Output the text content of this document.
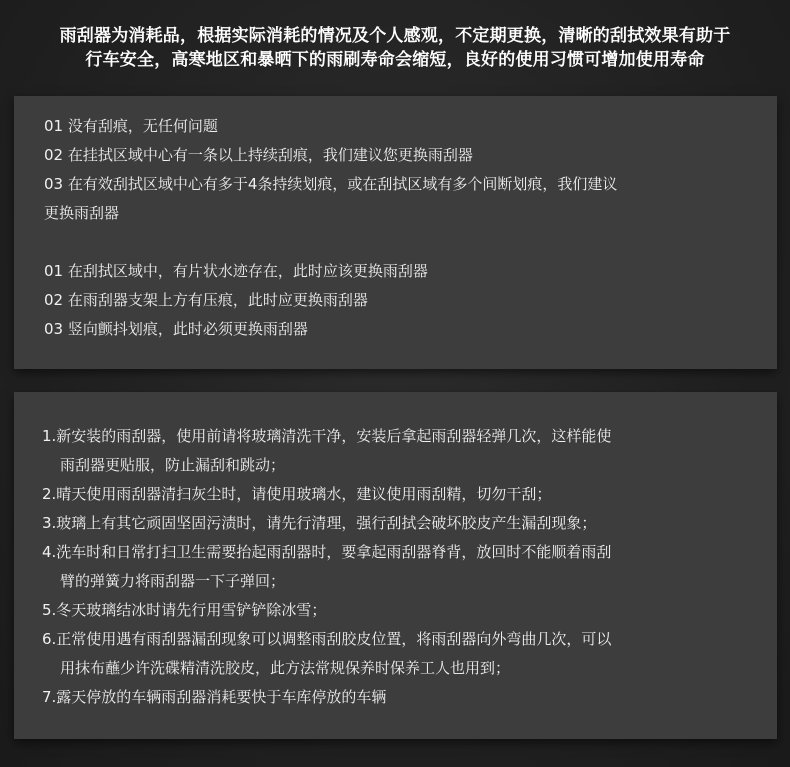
雨刮器为消耗品，根据实际消耗的情况及个人感观，不定期更换，清晰的刮拭效果有助于
行车安全，高寒地区和暴晒下的雨刷寿命会缩短，良好的使用习惯可增加使用寿命
01 没有刮痕，无任何问题
02 在挂拭区域中心有一条以上持续刮痕，我们建议您更换雨刮器
03 在有效刮拭区域中心有多于4条持续划痕，或在刮拭区域有多个间断划痕，我们建议
更换雨刮器
01 在刮拭区域中，有片状水迹存在，此时应该更换雨刮器
02 在雨刮器支架上方有压痕，此时应更换雨刮器
03 竖向颤抖划痕，此时必须更换雨刮器
1.新安装的雨刮器，使用前请将玻璃清洗干净，安装后拿起雨刮器轻弹几次，这样能使
雨刮器更贴服，防止漏刮和跳动；
2.晴天使用雨刮器清扫灰尘时，请使用玻璃水，建议使用雨刮精，切勿干刮；
3.玻璃上有其它顽固坚固污渍时，请先行清理，强行刮拭会破坏胶皮产生漏刮现象；
4.洗车时和日常打扫卫生需要抬起雨刮器时，要拿起雨刮器脊背，放回时不能顺着雨刮
臂的弹簧力将雨刮器一下子弹回；
5.冬天玻璃结冰时请先行用雪铲铲除冰雪；
6.正常使用遇有雨刮器漏刮现象可以调整雨刮胶皮位置，将雨刮器向外弯曲几次，可以
用抹布蘸少许洗碟精清洗胶皮，此方法常规保养时保养工人也用到；
7.露天停放的车辆雨刮器消耗要快于车库停放的车辆
